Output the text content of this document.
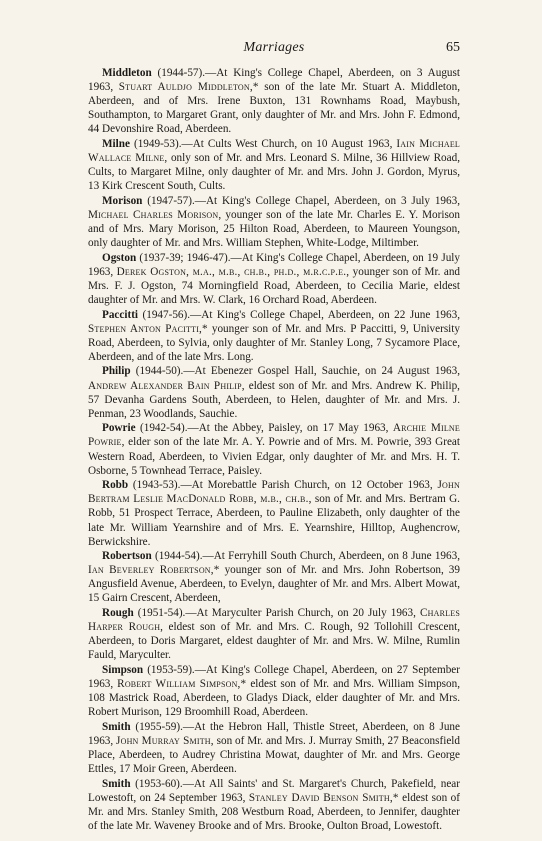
Marriages	65

Middleton (1944-57).—At King's College Chapel, Aberdeen, on 3 August 1963, Stuart Auldjo Middleton,* son of the late Mr. Stuart A. Middleton, Aberdeen, and of Mrs. Irene Buxton, 131 Rownhams Road, Maybush, Southampton, to Margaret Grant, only daughter of Mr. and Mrs. John F. Edmond, 44 Devonshire Road, Aberdeen.

Milne (1949-53).—At Cults West Church, on 10 August 1963, Iain Michael Wallace Milne, only son of Mr. and Mrs. Leonard S. Milne, 36 Hillview Road, Cults, to Margaret Milne, only daughter of Mr. and Mrs. John J. Gordon, Myrus, 13 Kirk Crescent South, Cults.

Morison (1947-57).—At King's College Chapel, Aberdeen, on 3 July 1963, Michael Charles Morison, younger son of the late Mr. Charles E. Y. Morison and of Mrs. Mary Morison, 25 Hilton Road, Aberdeen, to Maureen Youngson, only daughter of Mr. and Mrs. William Stephen, White-Lodge, Miltimber.

Ogston (1937-39; 1946-47).—At King's College Chapel, Aberdeen, on 19 July 1963, Derek Ogston, m.a., m.b., ch.b., ph.d., m.r.c.p.e., younger son of Mr. and Mrs. F. J. Ogston, 74 Morningfield Road, Aberdeen, to Cecilia Marie, eldest daughter of Mr. and Mrs. W. Clark, 16 Orchard Road, Aberdeen.

Paccitti (1947-56).—At King's College Chapel, Aberdeen, on 22 June 1963, Stephen Anton Pacitti,* younger son of Mr. and Mrs. P Paccitti, 9, University Road, Aberdeen, to Sylvia, only daughter of Mr. Stanley Long, 7 Sycamore Place, Aberdeen, and of the late Mrs. Long.

Philip (1944-50).—At Ebenezer Gospel Hall, Sauchie, on 24 August 1963, Andrew Alexander Bain Philip, eldest son of Mr. and Mrs. Andrew K. Philip, 57 Devanha Gardens South, Aberdeen, to Helen, daughter of Mr. and Mrs. J. Penman, 23 Woodlands, Sauchie.

Powrie (1942-54).—At the Abbey, Paisley, on 17 May 1963, Archie Milne Powrie, elder son of the late Mr. A. Y. Powrie and of Mrs. M. Powrie, 393 Great Western Road, Aberdeen, to Vivien Edgar, only daughter of Mr. and Mrs. H. T. Osborne, 5 Townhead Terrace, Paisley.

Robb (1943-53).—At Morebattle Parish Church, on 12 October 1963, John Bertram Leslie MacDonald Robb, m.b., ch.b., son of Mr. and Mrs. Bertram G. Robb, 51 Prospect Terrace, Aberdeen, to Pauline Elizabeth, only daughter of the late Mr. William Yearnshire and of Mrs. E. Yearnshire, Hilltop, Aughencrow, Berwickshire.

Robertson (1944-54).—At Ferryhill South Church, Aberdeen, on 8 June 1963, Ian Beverley Robertson,* younger son of Mr. and Mrs. John Robertson, 39 Angusfield Avenue, Aberdeen, to Evelyn, daughter of Mr. and Mrs. Albert Mowat, 15 Gairn Crescent, Aberdeen,

Rough (1951-54).—At Maryculter Parish Church, on 20 July 1963, Charles Harper Rough, eldest son of Mr. and Mrs. C. Rough, 92 Tollohill Crescent, Aberdeen, to Doris Margaret, eldest daughter of Mr. and Mrs. W. Milne, Rumlin Fauld, Maryculter.

Simpson (1953-59).—At King's College Chapel, Aberdeen, on 27 September 1963, Robert William Simpson,* eldest son of Mr. and Mrs. William Simpson, 108 Mastrick Road, Aberdeen, to Gladys Diack, elder daughter of Mr. and Mrs. Robert Murison, 129 Broomhill Road, Aberdeen.

Smith (1955-59).—At the Hebron Hall, Thistle Street, Aberdeen, on 8 June 1963, John Murray Smith, son of Mr. and Mrs. J. Murray Smith, 27 Beaconsfield Place, Aberdeen, to Audrey Christina Mowat, daughter of Mr. and Mrs. George Ettles, 17 Moir Green, Aberdeen.

Smith (1953-60).—At All Saints' and St. Margaret's Church, Pakefield, near Lowestoft, on 24 September 1963, Stanley David Benson Smith,* eldest son of Mr. and Mrs. Stanley Smith, 208 Westburn Road, Aberdeen, to Jennifer, daughter of the late Mr. Waveney Brooke and of Mrs. Brooke, Oulton Broad, Lowestoft.
